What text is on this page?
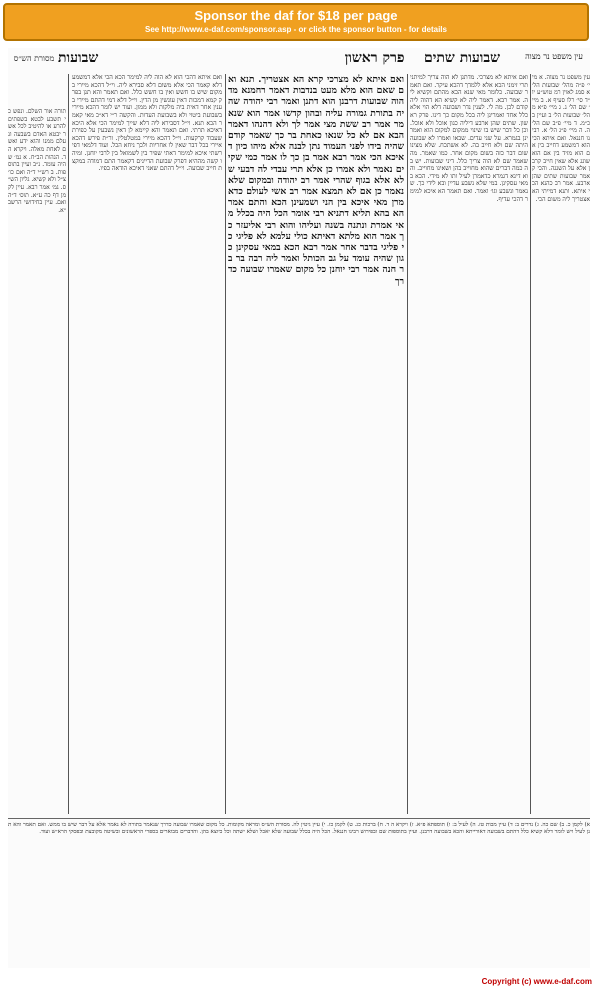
Sponsor the daf for $18 per page
See http://www.e-daf.com/sponsor.asp - or click the sponsor button - for details
עין משפט נר מצוה
שבועות שתים    פרק ראשון
שבועות
מסורת הש״ס
עין משפט נר מצוה. א מיי׳ פ״ה מהל׳ שבועות הל׳ א סמג לאוין רמ טוש״ע יו״ד סי׳ רלו סעיף א. ב מיי׳ שם הל׳ ג. ג מיי׳ פ״א מהל׳ שבועות הל׳ ב ועיין בכ״מ. ד מיי׳ פ״ב שם הל׳ ה. ה מיי׳ פ״ג הל׳ א. רבינו חננאל. ואם איתא הכי הוא דמשמע דחייב בין אם הוא מזיד בין אם הוא שוגג אלא שאין חייב קרבן אלא על השגגה. והכי קאמר שבועות שתים שהן ארבע. אמר רב כהנא הכי איתא. ותנא דמייתי הא אצטריך ליה משום הכי.
ואם איתא לא מצרכי. מדתנן לא הוה צריך למיתני תרי זימני הכא אלא ללמדך דהכא עיקר. ואם תאמר שבועה. כלומר מאי שנא הכא מהתם וקשיא ליה. אמר רבא. דאמר ליה לא קשיא הא דהוה ליה קודם לכן. מה לי. לענין נדר ושבועה דלא הוי אלא כלל אחד ואמרינן ליה בכל מקום כך דינו. פרק ראשון. שתים שהן ארבע דיליה כגון אוכל ולא אוכל. וכן כל דבר שיש בו שינוי ממקום למקום הוא ואמרינן בגמרא. על שני עדים. שבאו ואמרו לא שבועה היתה שם ולא חייב בה. לא אשתכח. שלא מצינו שום דבר כזה בשום מקום אחר. כמו שאמר. מה שאמר שם לא הוה צריך כלל. דיני שבועות. יש בה כמה דברים שהוא מחוייב בהן ושאינו מחוייב. והוא דינא דגמרא כדאמרן לעיל ותו לא מידי. הכא במאי עסקינן. במי שלא נשבע עדיין ובא לידי כך. שנאמר ונשבע וגו׳ ואמר. ואם תאמר הא איכא למימר דהכי עדיף.
ואם איתא לא מצרכי קרא הא אצטריך. תנא ואם שאם הוא מלא מעט בנדבות דאמר רחמנא מדהוה שבועות דרבנן הוא דתנן ואמר רבי יהודה שהיה בתורת גמורה עליה ובהון קדשו אמר הוא שנאמר אמר רב ששת מצי אמר לך ולא דהנהו דאמר הבא אם לא כל שנאו כאחת בר כך שאמר קודם שהיה בידו לפני העמוד נתן לבנה אלא מיהו כיון דאיכא הכי אמר רבא אמר בן כך לו אמר כמי שקיים נאמר ולא אמרו כן אלא תרי עבדי לה דבעי שלא אלא בגוף שהרי אמר רב יהודה ובמקום שלא נאמר כן אם לא תמצא אמר רב אשי לעולם כדאמרן מאי איכא בין הני ושמעינן הכא והתם אמר הא בהא תליא דתניא רבי אומר הכל היה בכלל מאי אמרת ונתנה בשנה ועליהו והוא רבי אליעזר כך אמר הוא מלתא דאיתא כולי עלמא לא פליגי כי פליגי בדבר אחר אמר רבא הכא במאי עסקינן כגון שהיה עומד על גב הכותל ואמר ליה רבה בר בר חנה אמר רבי יוחנן כל מקום שאמרו שבועה כדרך
ואם איתא דהכי הוא לא הוה ליה למימר הכא הכי אלא דמשמע דלא קאמר הכי אלא משום דלא סבירא ליה. וי״ל דהכא מיירי במקום שיש בו חשש ואין בו חשש כלל. ואם תאמר והא תנן בפרק קמא דמכות דאין עונשין מן הדין. וי״ל דלא דמי דהתם מיירי בענין אחר דאית ביה מלקות ולא ממון. ועוד יש לומר דהכא מיירי בשבועת ביטוי ולא בשבועת העדות. והקשה ר״י דא״כ מאי קאמר הכא תנא. וי״ל דסבירא ליה דלא שייך למימר הכי אלא היכא דאיכא תרתי. ואם תאמר והא קיימא לן דאין נשבעין על כפירת שעבוד קרקעות. וי״ל דהכא מיירי במטלטלין. ור״ת פירש דהכא איירי בכל דבר שאין לו אחריות ולכך ניחא הכל. ועוד דלמאי דפירשתי איכא למימר דאתי שפיר בין לשמואל בין לרבי יוחנן. ומיהו קשה מההיא דפרק שבועת הדיינים דקאמר התם דמודה במקצת חייב שבועה. וי״ל דהתם שאני דאיכא הודאה בפיו.
תורה אור השלם. ונפש כי תשבע לבטא בשפתים להרע או להיטיב לכל אשר יבטא האדם בשבעה ונעלם ממנו והוא ידע ואשם לאחת מאלה. ויקרא ה ד. הגהות הב״ח. א גמ׳ שהיה עומד. נ״ב ועיין בתוספות. ב רש״י ד״ה ואם כו׳ צ״ל ולא קשיא. גליון הש״ס. גמ׳ אמר רבא. עיין לקמן דף כה ע״א. תוס׳ ד״ה ואם. עיין בחידושי הרשב״א.
א) לקמן כ. ב) שם כה. ג) נדרים ב: ד) עיין מכות טז. ה) לעיל ב: ו) תוספתא פ״א. ז) ויקרא ה ד. ח) ברכות כג. ט) לקמן כז. י) עיין גיטין לה. מסורת הש״ס ומראה מקומות. כל מקום שאמרו שבועה כדרך שנאמר בתורה לא נאמר אלא על דבר שיש בו ממש. ואם תאמר והא תנן לעיל ויש לומר דלא קשיא כלל דהתם בשבועה דאורייתא והכא בשבועה דרבנן. ועיין בתוספות שם ובפירוש רבינו חננאל. הכל היה בכלל שבועה שלא יאכל ושלא ישתה וכל כיוצא בהן. והדברים מבוארים בספרי הראשונים ובשיטה מקובצת ובפסקי הרא״ש ועוד.
Copyright (c) www.e-daf.com
